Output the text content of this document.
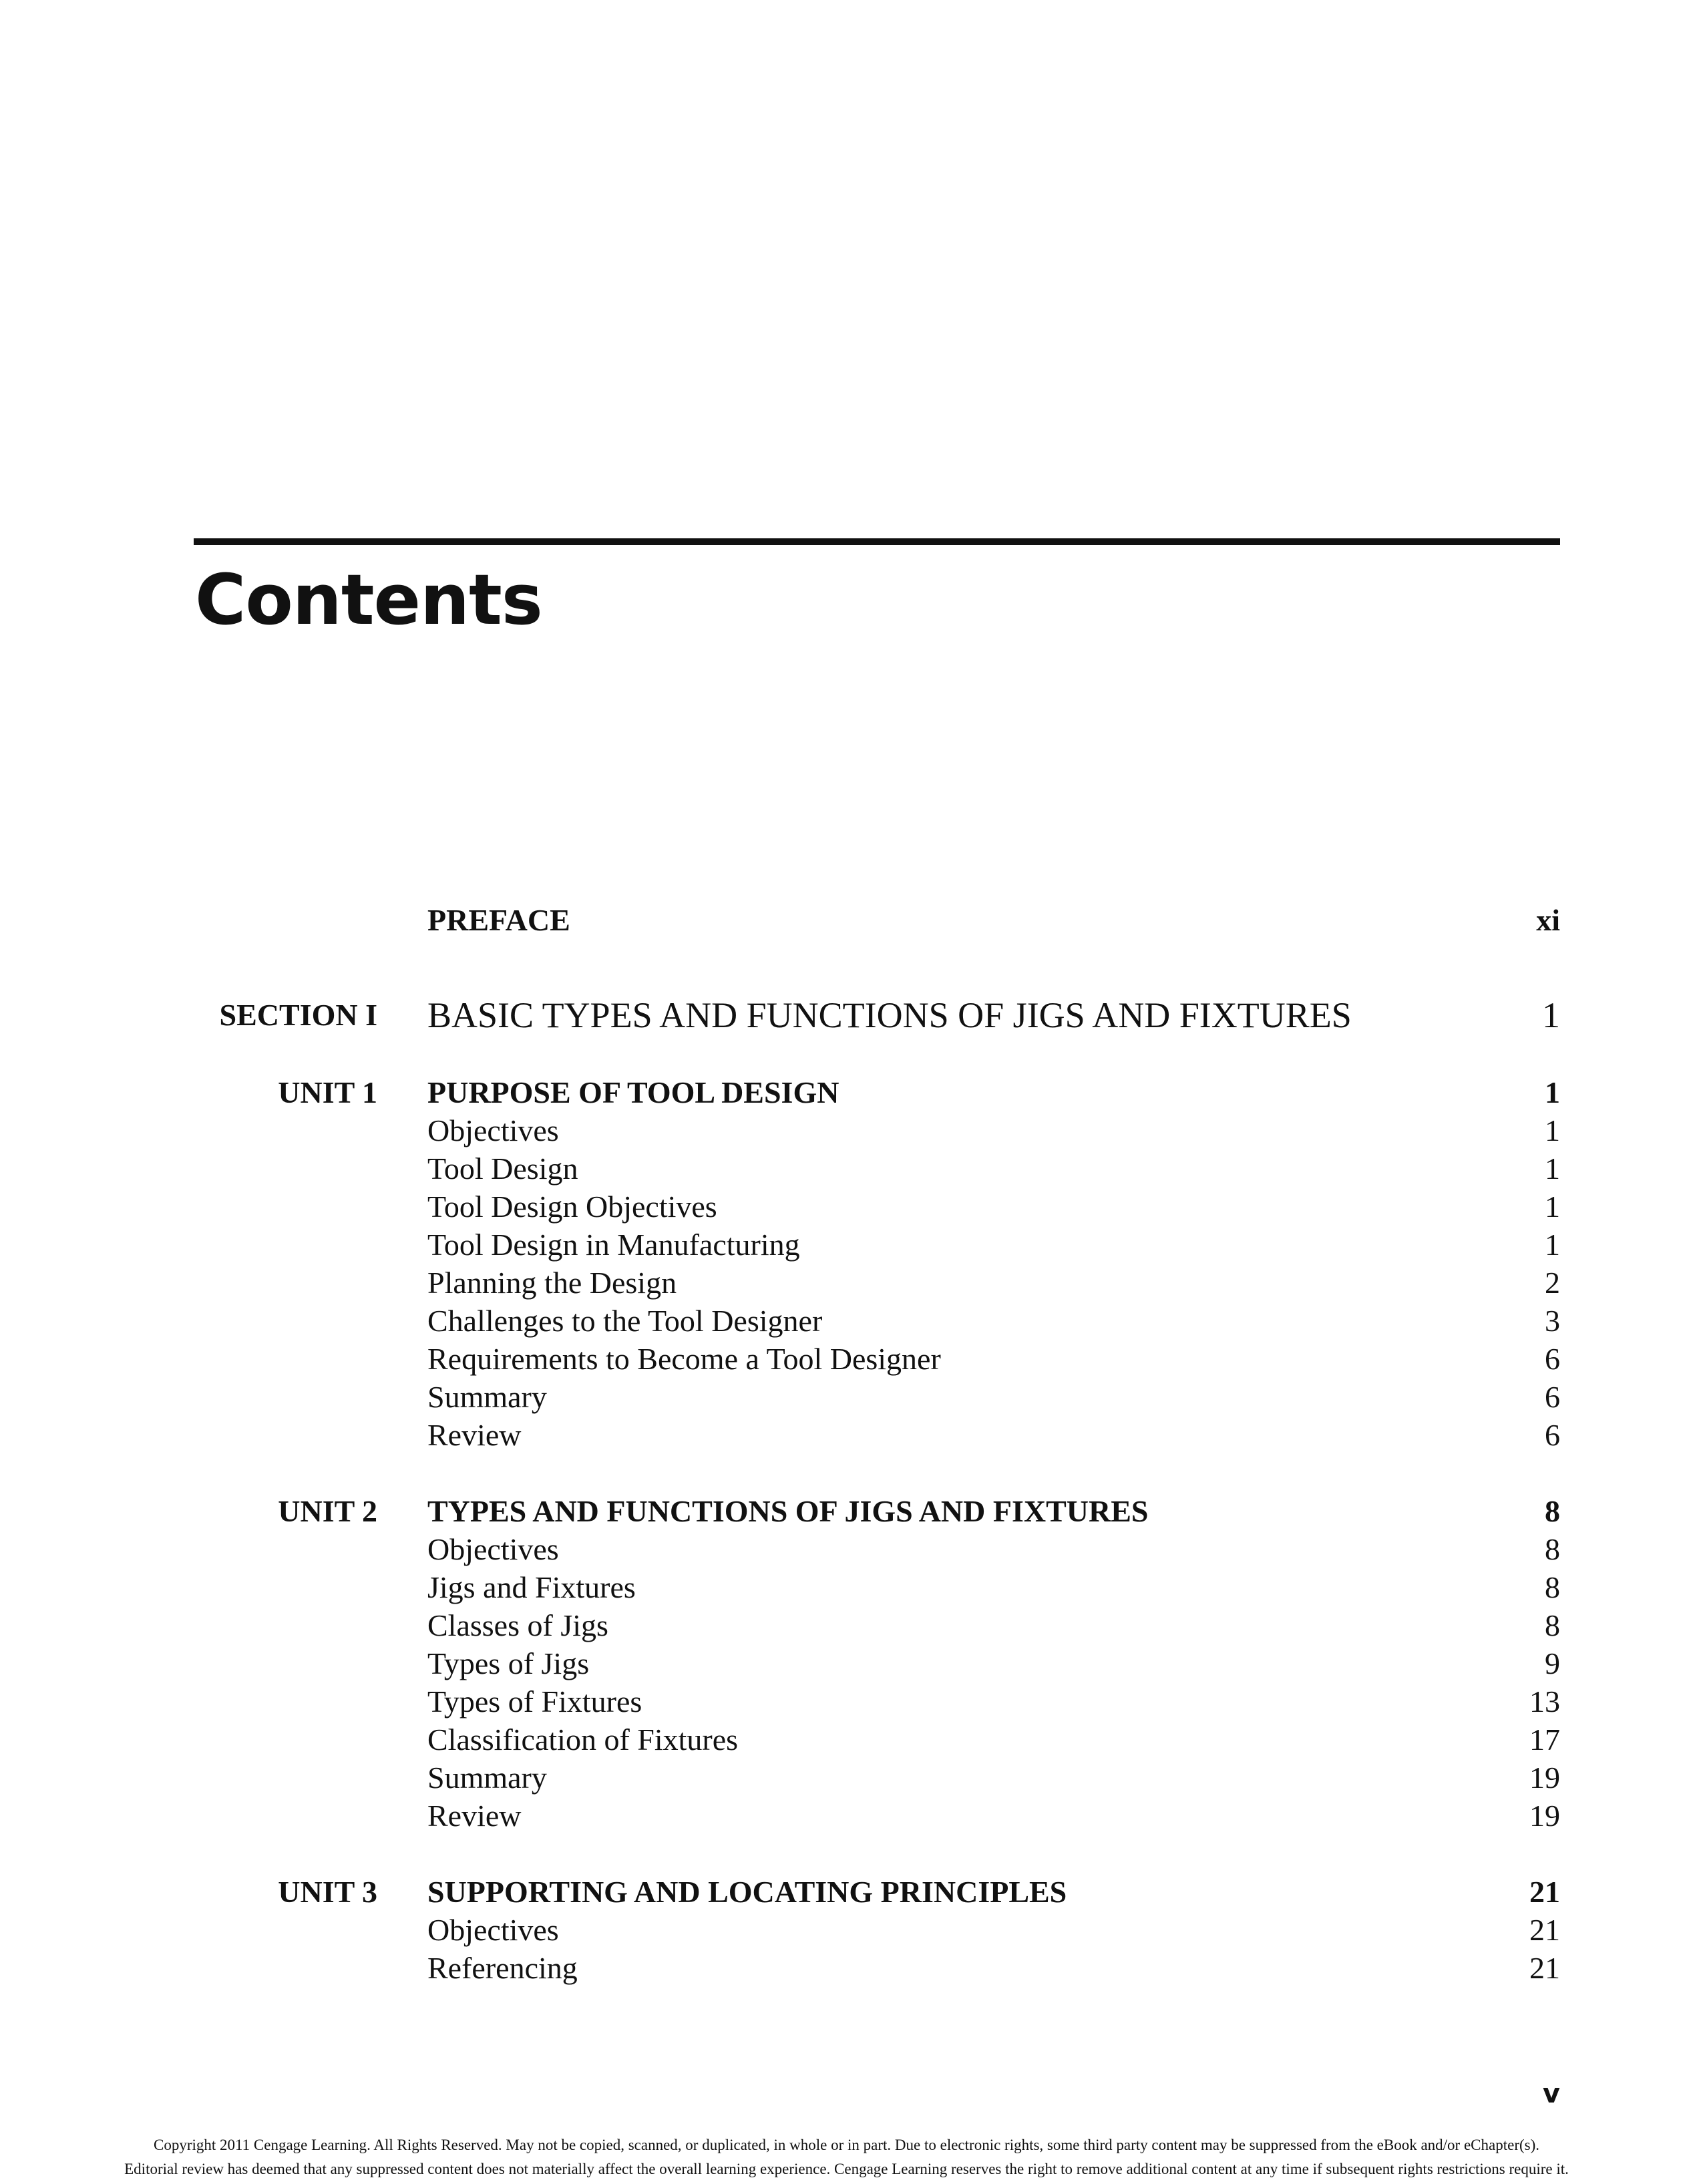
Contents
PREFACE	xi
SECTION I BASIC TYPES AND FUNCTIONS OF JIGS AND FIXTURES	1
UNIT 1 PURPOSE OF TOOL DESIGN	1
Objectives	1
Tool Design	1
Tool Design Objectives	1
Tool Design in Manufacturing	1
Planning the Design	2
Challenges to the Tool Designer	3
Requirements to Become a Tool Designer	6
Summary	6
Review	6
UNIT 2 TYPES AND FUNCTIONS OF JIGS AND FIXTURES	8
Objectives	8
Jigs and Fixtures	8
Classes of Jigs	8
Types of Jigs	9
Types of Fixtures	13
Classification of Fixtures	17
Summary	19
Review	19
UNIT 3 SUPPORTING AND LOCATING PRINCIPLES	21
Objectives	21
Referencing	21
v
Copyright 2011 Cengage Learning. All Rights Reserved. May not be copied, scanned, or duplicated, in whole or in part. Due to electronic rights, some third party content may be suppressed from the eBook and/or eChapter(s).
Editorial review has deemed that any suppressed content does not materially affect the overall learning experience. Cengage Learning reserves the right to remove additional content at any time if subsequent rights restrictions require it.
